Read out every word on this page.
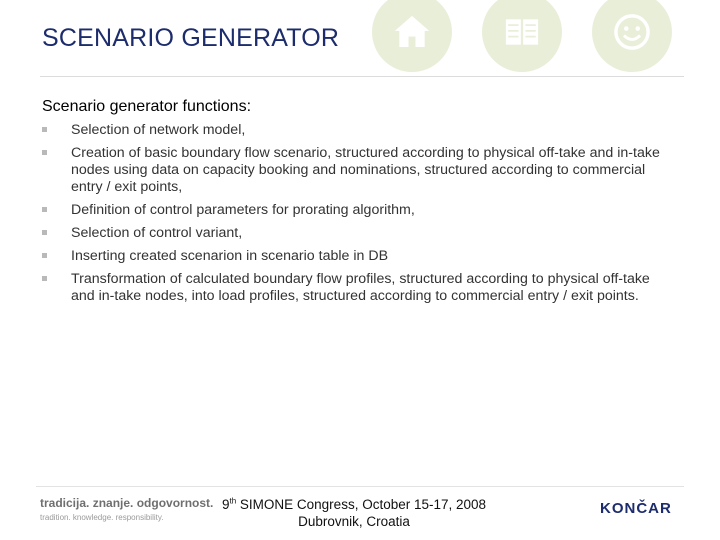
SCENARIO GENERATOR
Scenario generator functions:
Selection of network model,
Creation of basic boundary flow scenario, structured according to physical off-take and in-take nodes using data on capacity booking and nominations, structured according to commercial entry / exit points,
Definition of control parameters for prorating algorithm,
Selection of control variant,
Inserting created scenarion in scenario table in DB
Transformation of calculated boundary flow profiles, structured according to physical off-take and in-take nodes, into load profiles, structured according to commercial entry / exit points.
tradicija. znanje. odgovornost.
tradition. knowledge. responsibility.
9th SIMONE Congress, October 15-17, 2008
Dubrovnik, Croatia
KONČAR
